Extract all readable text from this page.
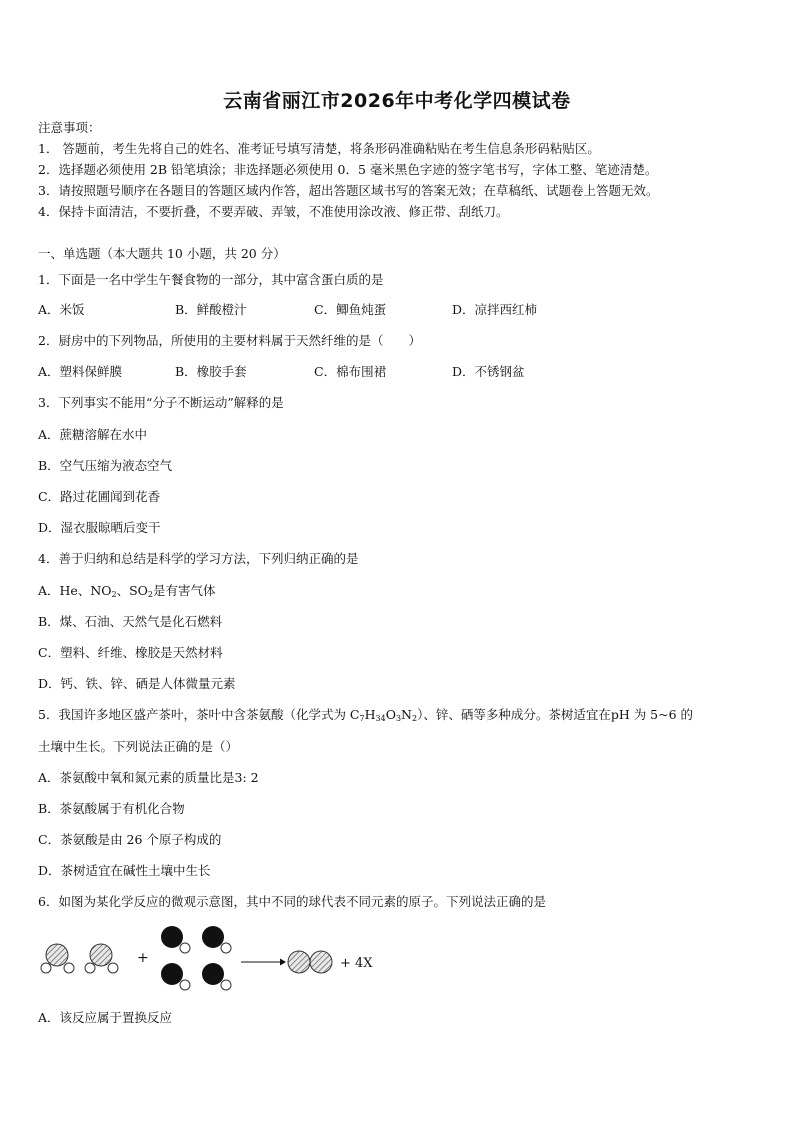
云南省丽江市2026年中考化学四模试卷
注意事项：
1． 答题前，考生先将自己的姓名、准考证号填写清楚，将条形码准确粘贴在考生信息条形码粘贴区。
2．选择题必须使用 2B 铅笔填涂；非选择题必须使用 0．5 毫米黑色字迹的签字笔书写，字体工整、笔迹清楚。
3．请按照题号顺序在各题目的答题区域内作答，超出答题区域书写的答案无效；在草稿纸、试题卷上答题无效。
4．保持卡面清洁，不要折叠，不要弄破、弄皱，不准使用涂改液、修正带、刮纸刀。
一、单选题（本大题共 10 小题，共 20 分）
1．下面是一名中学生午餐食物的一部分，其中富含蛋白质的是
A．米饭	B．鲜酸橙汁	C．鲫鱼炖蛋	D．凉拌西红柿
2．厨房中的下列物品，所使用的主要材料属于天然纤维的是（　　）
A．塑料保鲜膜	B．橡胶手套	C．棉布围裙	D．不锈钢盆
3．下列事实不能用“分子不断运动”解释的是
A．蔗糖溶解在水中
B．空气压缩为液态空气
C．路过花圃闻到花香
D．湿衣服晾晒后变干
4．善于归纳和总结是科学的学习方法，下列归纳正确的是
A．He、$NO_2$、$SO_2$是有害气体
B．煤、石油、天然气是化石燃料
C．塑料、纤维、橡胶是天然材料
D．钙、铁、锌、硒是人体微量元素
5．我国许多地区盛产茶叶，茶叶中含茶氨酸（化学式为 $C_7H_{34}O_3N_2$）、锌、硒等多种成分。茶树适宜在pH 为 5~6 的
土壤中生长。下列说法正确的是（）
A．茶氨酸中氧和氮元素的质量比是3: 2
B．茶氨酸属于有机化合物
C．茶氨酸是由 26 个原子构成的
D．茶树适宜在碱性土壤中生长
6．如图为某化学反应的微观示意图，其中不同的球代表不同元素的原子。下列说法正确的是
+	+ 4X
A．该反应属于置换反应
